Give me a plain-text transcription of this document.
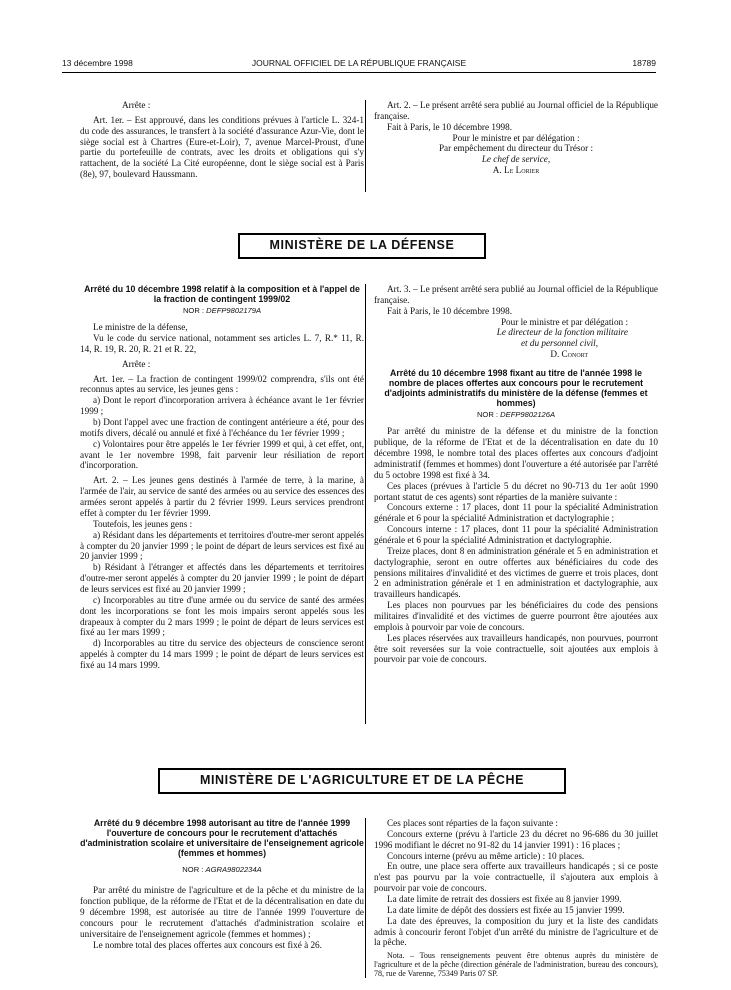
13 décembre 1998	JOURNAL OFFICIEL DE LA RÉPUBLIQUE FRANÇAISE	18789

Arrête :

Art. 1er. – Est approuvé, dans les conditions prévues à l'article L. 324-1 du code des assurances, le transfert à la société d'assurance Azur-Vie, dont le siège social est à Chartres (Eure-et-Loir), 7, avenue Marcel-Proust, d'une partie du portefeuille de contrats, avec les droits et obligations qui s'y rattachent, de la société La Cité européenne, dont le siège social est à Paris (8e), 97, boulevard Haussmann.

Art. 2. – Le présent arrêté sera publié au Journal officiel de la République française.

Fait à Paris, le 10 décembre 1998.

Pour le ministre et par délégation :

Par empêchement du directeur du Trésor :

Le chef de service,

A. Le Lorier

MINISTÈRE DE LA DÉFENSE
Arrêté du 10 décembre 1998 relatif à la composition et à l'appel de la fraction de contingent 1999/02
NOR : DEFP9802179A

Le ministre de la défense,

Vu le code du service national, notamment ses articles L. 7, R.* 11, R. 14, R. 19, R. 20, R. 21 et R. 22,

Arrête :

Art. 1er. – La fraction de contingent 1999/02 comprendra, s'ils ont été reconnus aptes au service, les jeunes gens :

a) Dont le report d'incorporation arrivera à échéance avant le 1er février 1999 ;

b) Dont l'appel avec une fraction de contingent antérieure a été, pour des motifs divers, décalé ou annulé et fixé à l'échéance du 1er février 1999 ;

c) Volontaires pour être appelés le 1er février 1999 et qui, à cet effet, ont, avant le 1er novembre 1998, fait parvenir leur résiliation de report d'incorporation.

Art. 2. – Les jeunes gens destinés à l'armée de terre, à la marine, à l'armée de l'air, au service de santé des armées ou au service des essences des armées seront appelés à partir du 2 février 1999. Leurs services prendront effet à compter du 1er février 1999.

Toutefois, les jeunes gens :

a) Résidant dans les départements et territoires d'outre-mer seront appelés à compter du 20 janvier 1999 ; le point de départ de leurs services est fixé au 20 janvier 1999 ;

b) Résidant à l'étranger et affectés dans les départements et territoires d'outre-mer seront appelés à compter du 20 janvier 1999 ; le point de départ de leurs services est fixé au 20 janvier 1999 ;

c) Incorporables au titre d'une armée ou du service de santé des armées dont les incorporations se font les mois impairs seront appelés sous les drapeaux à compter du 2 mars 1999 ; le point de départ de leurs services est fixé au 1er mars 1999 ;

d) Incorporables au titre du service des objecteurs de conscience seront appelés à compter du 14 mars 1999 ; le point de départ de leurs services est fixé au 14 mars 1999.

Art. 3. – Le présent arrêté sera publié au Journal officiel de la République française.

Fait à Paris, le 10 décembre 1998.

Pour le ministre et par délégation :

Le directeur de la fonction militaire

et du personnel civil,

D. Conort

Arrêté du 10 décembre 1998 fixant au titre de l'année 1998 le nombre de places offertes aux concours pour le recrutement d'adjoints administratifs du ministère de la défense (femmes et hommes)
NOR : DEFP9802126A

Par arrêté du ministre de la défense et du ministre de la fonction publique, de la réforme de l'Etat et de la décentralisation en date du 10 décembre 1998, le nombre total des places offertes aux concours d'adjoint administratif (femmes et hommes) dont l'ouverture a été autorisée par l'arrêté du 5 octobre 1998 est fixé à 34.

Ces places (prévues à l'article 5 du décret no 90-713 du 1er août 1990 portant statut de ces agents) sont réparties de la manière suivante :

Concours externe : 17 places, dont 11 pour la spécialité Administration générale et 6 pour la spécialité Administration et dactylographie ;

Concours interne : 17 places, dont 11 pour la spécialité Administration générale et 6 pour la spécialité Administration et dactylographie.

Treize places, dont 8 en administration générale et 5 en administration et dactylographie, seront en outre offertes aux bénéficiaires du code des pensions militaires d'invalidité et des victimes de guerre et trois places, dont 2 en administration générale et 1 en administration et dactylographie, aux travailleurs handicapés.

Les places non pourvues par les bénéficiaires du code des pensions militaires d'invalidité et des victimes de guerre pourront être ajoutées aux emplois à pourvoir par voie de concours.

Les places réservées aux travailleurs handicapés, non pourvues, pourront être soit reversées sur la voie contractuelle, soit ajoutées aux emplois à pourvoir par voie de concours.

MINISTÈRE DE L'AGRICULTURE ET DE LA PÊCHE
Arrêté du 9 décembre 1998 autorisant au titre de l'année 1999 l'ouverture de concours pour le recrutement d'attachés d'administration scolaire et universitaire de l'enseignement agricole (femmes et hommes)
NOR : AGRA9802234A

Par arrêté du ministre de l'agriculture et de la pêche et du ministre de la fonction publique, de la réforme de l'Etat et de la décentralisation en date du 9 décembre 1998, est autorisée au titre de l'année 1999 l'ouverture de concours pour le recrutement d'attachés d'administration scolaire et universitaire de l'enseignement agricole (femmes et hommes) ;

Le nombre total des places offertes aux concours est fixé à 26.

Ces places sont réparties de la façon suivante :

Concours externe (prévu à l'article 23 du décret no 96-686 du 30 juillet 1996 modifiant le décret no 91-82 du 14 janvier 1991) : 16 places ;

Concours interne (prévu au même article) : 10 places.

En outre, une place sera offerte aux travailleurs handicapés ; si ce poste n'est pas pourvu par la voie contractuelle, il s'ajoutera aux emplois à pourvoir par voie de concours.

La date limite de retrait des dossiers est fixée au 8 janvier 1999.

La date limite de dépôt des dossiers est fixée au 15 janvier 1999.

La date des épreuves, la composition du jury et la liste des candidats admis à concourir feront l'objet d'un arrêté du ministre de l'agriculture et de la pêche.

Nota. – Tous renseignements peuvent être obtenus auprès du ministère de l'agriculture et de la pêche (direction générale de l'administration, bureau des concours), 78, rue de Varenne, 75349 Paris 07 SP.
